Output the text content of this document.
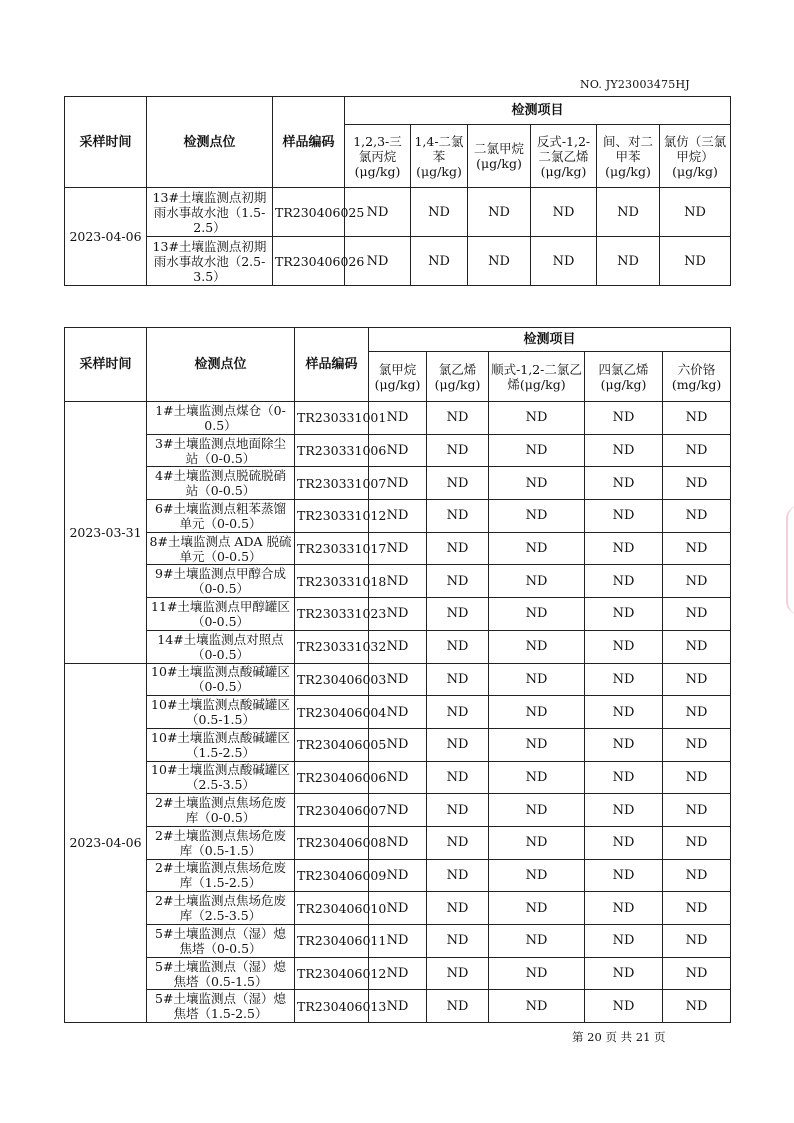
NO. JY23003475HJ
采样时间	检测点位	样品编码	检测项目					
			1,2,3-三氯丙烷(μg/kg)	1,4-二氯苯(μg/kg)	二氯甲烷(μg/kg)	反式-1,2-二氯乙烯(μg/kg)	间、对二甲苯(μg/kg)	氯仿（三氯甲烷）(μg/kg)
2023-04-06	13#土壤监测点初期雨水事故水池（1.5-2.5）	TR230406025	ND	ND	ND	ND	ND	ND
	13#土壤监测点初期雨水事故水池（2.5-3.5）	TR230406026	ND	ND	ND	ND	ND	ND
采样时间	检测点位	样品编码	检测项目				
			氯甲烷(μg/kg)	氯乙烯(μg/kg)	顺式-1,2-二氯乙烯(μg/kg)	四氯乙烯(μg/kg)	六价铬(mg/kg)
2023-03-31	1#土壤监测点煤仓（0-0.5）	TR230331001	ND	ND	ND	ND	ND
	3#土壤监测点地面除尘站（0-0.5）	TR230331006	ND	ND	ND	ND	ND
	4#土壤监测点脱硫脱硝站（0-0.5）	TR230331007	ND	ND	ND	ND	ND
	6#土壤监测点粗苯蒸馏单元（0-0.5）	TR230331012	ND	ND	ND	ND	ND
	8#土壤监测点 ADA 脱硫单元（0-0.5）	TR230331017	ND	ND	ND	ND	ND
	9#土壤监测点甲醇合成（0-0.5）	TR230331018	ND	ND	ND	ND	ND
	11#土壤监测点甲醇罐区（0-0.5）	TR230331023	ND	ND	ND	ND	ND
	14#土壤监测点对照点（0-0.5）	TR230331032	ND	ND	ND	ND	ND
2023-04-06	10#土壤监测点酸碱罐区（0-0.5）	TR230406003	ND	ND	ND	ND	ND
	10#土壤监测点酸碱罐区（0.5-1.5）	TR230406004	ND	ND	ND	ND	ND
	10#土壤监测点酸碱罐区（1.5-2.5）	TR230406005	ND	ND	ND	ND	ND
	10#土壤监测点酸碱罐区（2.5-3.5）	TR230406006	ND	ND	ND	ND	ND
	2#土壤监测点焦场危废库（0-0.5）	TR230406007	ND	ND	ND	ND	ND
	2#土壤监测点焦场危废库（0.5-1.5）	TR230406008	ND	ND	ND	ND	ND
	2#土壤监测点焦场危废库（1.5-2.5）	TR230406009	ND	ND	ND	ND	ND
	2#土壤监测点焦场危废库（2.5-3.5）	TR230406010	ND	ND	ND	ND	ND
	5#土壤监测点（湿）熄焦塔（0-0.5）	TR230406011	ND	ND	ND	ND	ND
	5#土壤监测点（湿）熄焦塔（0.5-1.5）	TR230406012	ND	ND	ND	ND	ND
	5#土壤监测点（湿）熄焦塔（1.5-2.5）	TR230406013	ND	ND	ND	ND	ND
第 20 页 共 21 页
